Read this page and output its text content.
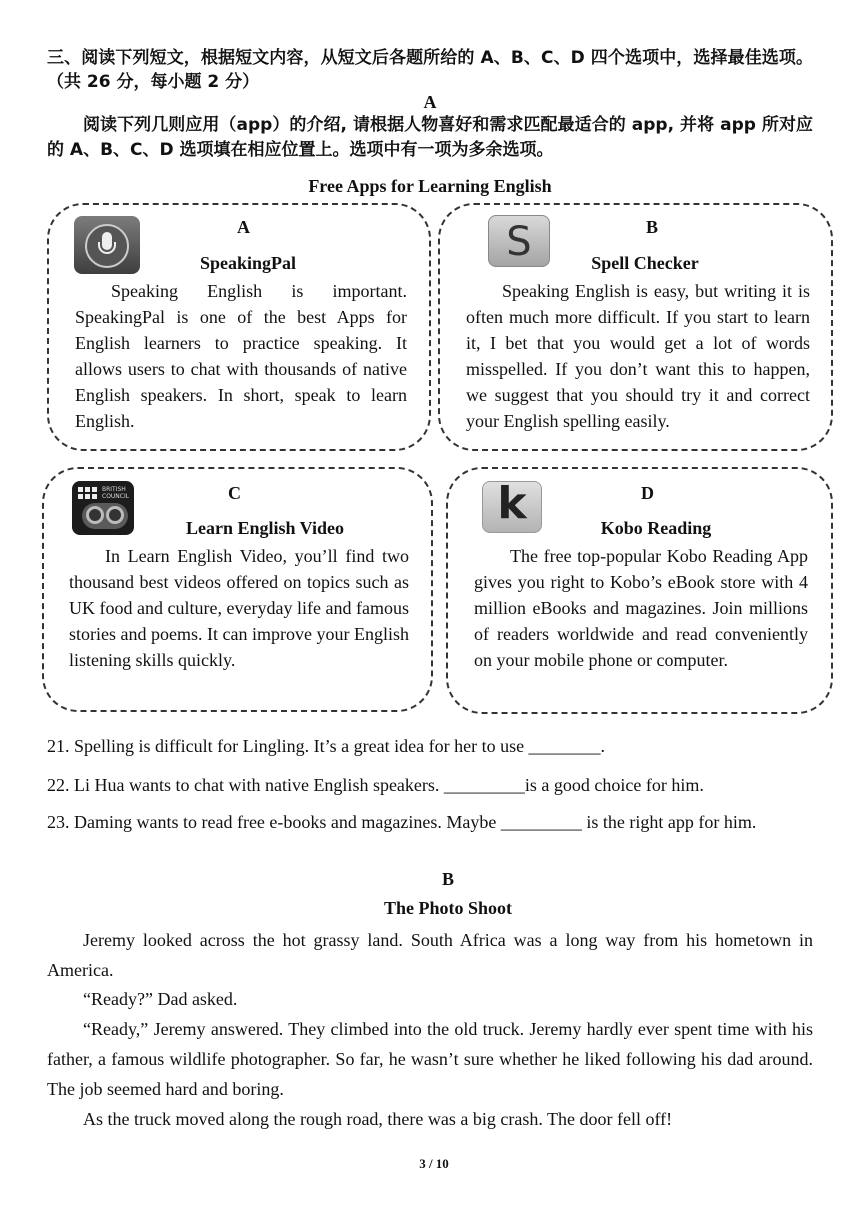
三、阅读下列短文，根据短文内容，从短文后各题所给的 A、B、C、D 四个选项中，选择最佳选项。（共 26 分，每小题 2 分）
A
阅读下列几则应用（app）的介绍, 请根据人物喜好和需求匹配最适合的 app, 并将 app 所对应的 A、B、C、D 选项填在相应位置上。选项中有一项为多余选项。
Free Apps for Learning English
A
SpeakingPal
Speaking English is important. SpeakingPal is one of the best Apps for English learners to practice speaking. It allows users to chat with thousands of native English speakers. In short, speak to learn English.
S	B
Spell Checker
Speaking English is easy, but writing it is often much more difficult. If you start to learn it, I bet that you would get a lot of words misspelled. If you don’t want this to happen, we suggest that you should try it and correct your English spelling easily.
BRITISH COUNCIL	C
Learn English Video
In Learn English Video, you’ll find two thousand best videos offered on topics such as UK food and culture, everyday life and famous stories and poems. It can improve your English listening skills quickly.
k	D
Kobo Reading
The free top-popular Kobo Reading App gives you right to Kobo’s eBook store with 4 million eBooks and magazines. Join millions of readers worldwide and read conveniently on your mobile phone or computer.
21. Spelling is difficult for Lingling. It’s a great idea for her to use ________.
22. Li Hua wants to chat with native English speakers. _________is a good choice for him.
23. Daming wants to read free e-books and magazines. Maybe _________ is the right app for him.
B
The Photo Shoot
Jeremy looked across the hot grassy land. South Africa was a long way from his hometown in America.
“Ready?” Dad asked.
“Ready,” Jeremy answered. They climbed into the old truck. Jeremy hardly ever spent time with his father, a famous wildlife photographer. So far, he wasn’t sure whether he liked following his dad around. The job seemed hard and boring.
As the truck moved along the rough road, there was a big crash. The door fell off!
3 / 10
